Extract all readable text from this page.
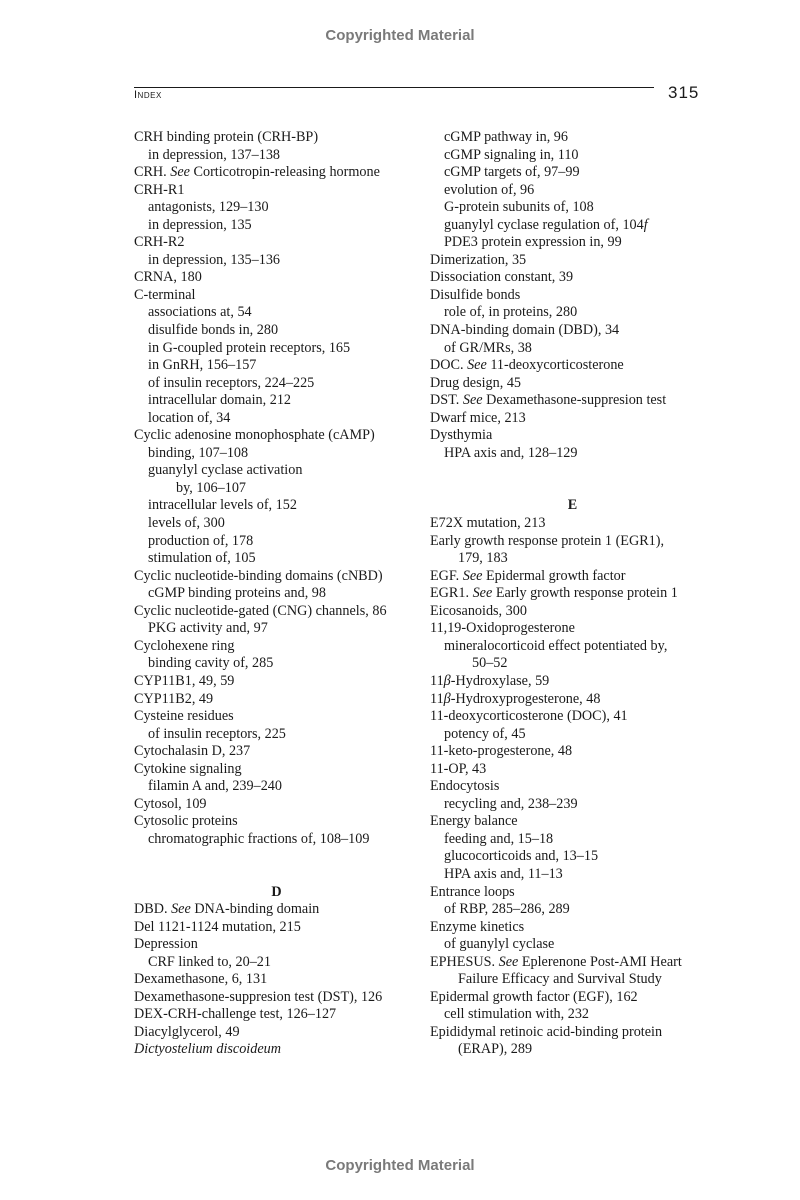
Copyrighted Material
Index	315
CRH binding protein (CRH-BP)
in depression, 137–138
CRH. See Corticotropin-releasing hormone
CRH-R1
antagonists, 129–130
in depression, 135
CRH-R2
in depression, 135–136
CRNA, 180
C-terminal
associations at, 54
disulfide bonds in, 280
in G-coupled protein receptors, 165
in GnRH, 156–157
of insulin receptors, 224–225
intracellular domain, 212
location of, 34
Cyclic adenosine monophosphate (cAMP)
binding, 107–108
guanylyl cyclase activation
by, 106–107
intracellular levels of, 152
levels of, 300
production of, 178
stimulation of, 105
Cyclic nucleotide-binding domains (cNBD)
cGMP binding proteins and, 98
Cyclic nucleotide-gated (CNG) channels, 86
PKG activity and, 97
Cyclohexene ring
binding cavity of, 285
CYP11B1, 49, 59
CYP11B2, 49
Cysteine residues
of insulin receptors, 225
Cytochalasin D, 237
Cytokine signaling
filamin A and, 239–240
Cytosol, 109
Cytosolic proteins
chromatographic fractions of, 108–109
D
DBD. See DNA-binding domain
Del 1121-1124 mutation, 215
Depression
CRF linked to, 20–21
Dexamethasone, 6, 131
Dexamethasone-suppresion test (DST), 126
DEX-CRH-challenge test, 126–127
Diacylglycerol, 49
Dictyostelium discoideum
cGMP pathway in, 96
cGMP signaling in, 110
cGMP targets of, 97–99
evolution of, 96
G-protein subunits of, 108
guanylyl cyclase regulation of, 104f
PDE3 protein expression in, 99
Dimerization, 35
Dissociation constant, 39
Disulfide bonds
role of, in proteins, 280
DNA-binding domain (DBD), 34
of GR/MRs, 38
DOC. See 11-deoxycorticosterone
Drug design, 45
DST. See Dexamethasone-suppresion test
Dwarf mice, 213
Dysthymia
HPA axis and, 128–129
E
E72X mutation, 213
Early growth response protein 1 (EGR1),
179, 183
EGF. See Epidermal growth factor
EGR1. See Early growth response protein 1
Eicosanoids, 300
11,19-Oxidoprogesterone
mineralocorticoid effect potentiated by,
50–52
11β-Hydroxylase, 59
11β-Hydroxyprogesterone, 48
11-deoxycorticosterone (DOC), 41
potency of, 45
11-keto-progesterone, 48
11-OP, 43
Endocytosis
recycling and, 238–239
Energy balance
feeding and, 15–18
glucocorticoids and, 13–15
HPA axis and, 11–13
Entrance loops
of RBP, 285–286, 289
Enzyme kinetics
of guanylyl cyclase
EPHESUS. See Eplerenone Post-AMI Heart
Failure Efficacy and Survival Study
Epidermal growth factor (EGF), 162
cell stimulation with, 232
Epididymal retinoic acid-binding protein
(ERAP), 289
Copyrighted Material
